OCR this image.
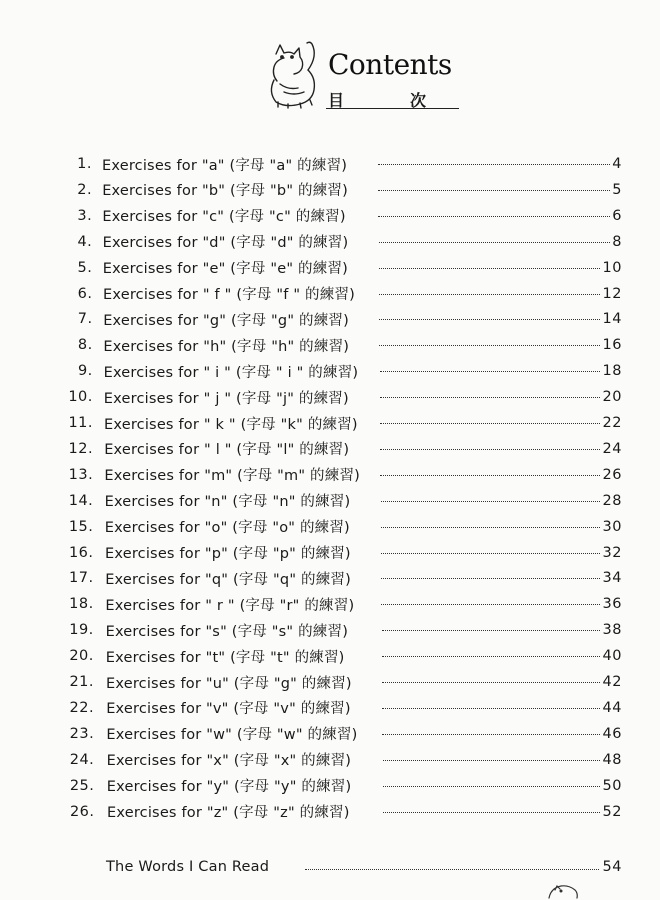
Contents
目	次
1. Exercises for "a" (字母 "a" 的練習)	4
2. Exercises for "b" (字母 "b" 的練習)	5
3. Exercises for "c" (字母 "c" 的練習)	6
4. Exercises for "d" (字母 "d" 的練習)	8
5. Exercises for "e" (字母 "e" 的練習)	10
6. Exercises for " f " (字母 "f " 的練習)	12
7. Exercises for "g" (字母 "g" 的練習)	14
8. Exercises for "h" (字母 "h" 的練習)	16
9. Exercises for " i " (字母 " i " 的練習)	18
10. Exercises for " j " (字母 "j" 的練習)	20
11. Exercises for " k " (字母 "k" 的練習)	22
12. Exercises for " l " (字母 "l" 的練習)	24
13. Exercises for "m" (字母 "m" 的練習)	26
14. Exercises for "n" (字母 "n" 的練習)	28
15. Exercises for "o" (字母 "o" 的練習)	30
16. Exercises for "p" (字母 "p" 的練習)	32
17. Exercises for "q" (字母 "q" 的練習)	34
18. Exercises for " r " (字母 "r" 的練習)	36
19. Exercises for "s" (字母 "s" 的練習)	38
20. Exercises for "t" (字母 "t" 的練習)	40
21. Exercises for "u" (字母 "g" 的練習)	42
22. Exercises for "v" (字母 "v" 的練習)	44
23. Exercises for "w" (字母 "w" 的練習)	46
24. Exercises for "x" (字母 "x" 的練習)	48
25. Exercises for "y" (字母 "y" 的練習)	50
26. Exercises for "z" (字母 "z" 的練習)	52
The Words I Can Read	54
